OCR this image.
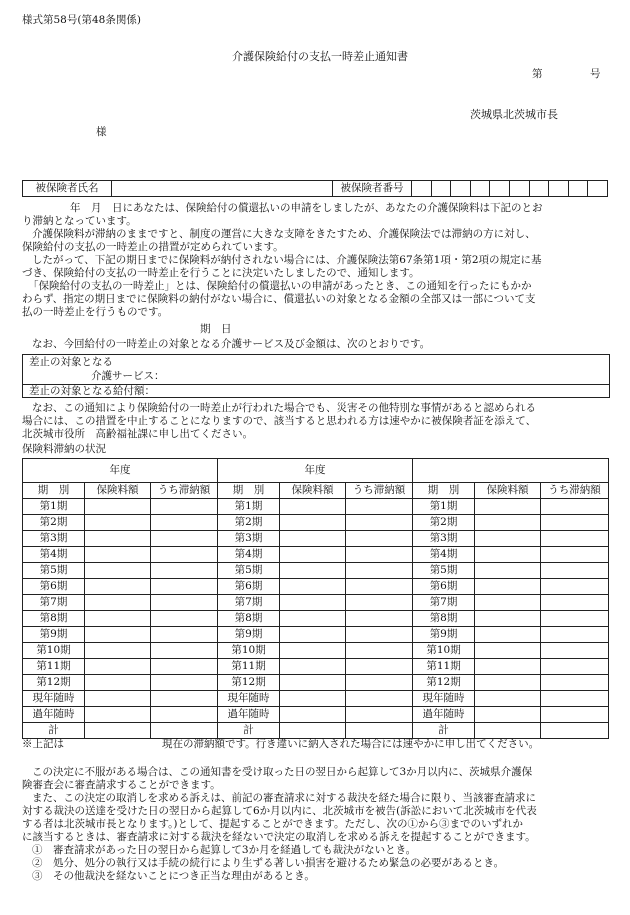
様式第58号(第48条関係)
介護保険給付の支払一時差止通知書
第	号
茨城県北茨城市長
様
被保険者氏名		被保険者番号										
年　月　日にあなたは、保険給付の償還払いの申請をしましたが、あなたの介護保険料は下記のとお
り滞納となっています。
介護保険料が滞納のままですと、制度の運営に大きな支障をきたすため、介護保険法では滞納の方に対し、
保険給付の支払の一時差止の措置が定められています。
したがって、下記の期日までに保険料が納付されない場合には、介護保険法第67条第1項・第2項の規定に基
づき、保険給付の支払の一時差止を行うことに決定いたしましたので、通知します。
「保険給付の支払の一時差止」とは、保険給付の償還払いの申請があったとき、この通知を行ったにもかか
わらず、指定の期日までに保険料の納付がない場合に、償還払いの対象となる金額の全部又は一部について支
払の一時差止を行うものです。
期　日
なお、今回給付の一時差止の対象となる介護サービス及び金額は、次のとおりです。
差止の対象となる
介護サービス：
差止の対象となる給付額：
なお、この通知により保険給付の一時差止が行われた場合でも、災害その他特別な事情があると認められる
場合には、この措置を中止することになりますので、該当すると思われる方は速やかに被保険者証を添えて、
北茨城市役所　高齢福祉課に申し出てください。
保険料滞納の状況
年度			年度					
期　別	保険料額	うち滞納額	期　別	保険料額	うち滞納額	期　別	保険料額	うち滞納額
第1期			第1期			第1期		
第2期			第2期			第2期		
第3期			第3期			第3期		
第4期			第4期			第4期		
第5期			第5期			第5期		
第6期			第6期			第6期		
第7期			第7期			第7期		
第8期			第8期			第8期		
第9期			第9期			第9期		
第10期			第10期			第10期		
第11期			第11期			第11期		
第12期			第12期			第12期		
現年随時			現年随時			現年随時		
過年随時			過年随時			過年随時		
計			計			計		
※上記は	現在の滞納額です。行き違いに納入された場合には速やかに申し出てください。
この決定に不服がある場合は、この通知書を受け取った日の翌日から起算して3か月以内に、茨城県介護保
険審査会に審査請求することができます。
また、この決定の取消しを求める訴えは、前記の審査請求に対する裁決を経た場合に限り、当該審査請求に
対する裁決の送達を受けた日の翌日から起算して6か月以内に、北茨城市を被告(訴訟において北茨城市を代表
する者は北茨城市長となります。)として、提起することができます。ただし、次の①から③までのいずれか
に該当するときは、審査請求に対する裁決を経ないで決定の取消しを求める訴えを提起することができます。
①　審査請求があった日の翌日から起算して3か月を経過しても裁決がないとき。
②　処分、処分の執行又は手続の続行により生ずる著しい損害を避けるため緊急の必要があるとき。
③　その他裁決を経ないことにつき正当な理由があるとき。
